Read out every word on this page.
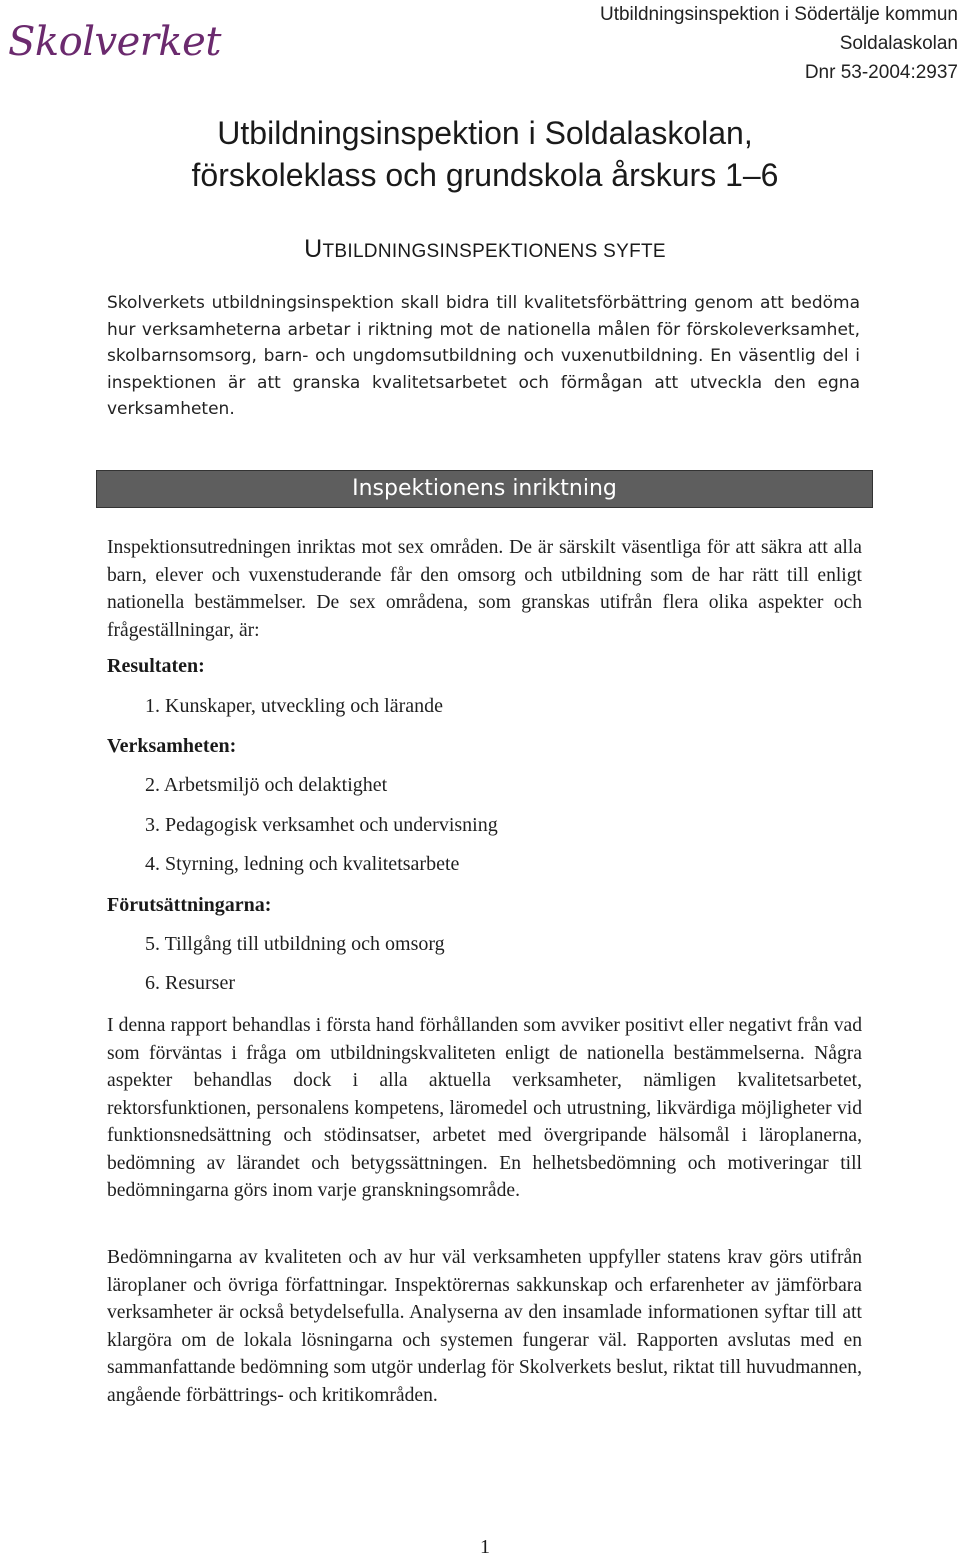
Skolverket
Utbildningsinspektion i Södertälje kommun
Soldalaskolan
Dnr 53-2004:2937
Utbildningsinspektion i Soldalaskolan,
förskoleklass och grundskola årskurs 1–6
UTBILDNINGSINSPEKTIONENS SYFTE
Skolverkets utbildningsinspektion skall bidra till kvalitetsförbättring genom att bedöma hur verksamheterna arbetar i riktning mot de nationella målen för förskoleverksamhet, skolbarnsomsorg, barn- och ungdomsutbildning och vuxenutbildning. En väsentlig del i inspektionen är att granska kvalitetsarbetet och förmågan att utveckla den egna verksamheten.
Inspektionens inriktning
Inspektionsutredningen inriktas mot sex områden. De är särskilt väsentliga för att säkra att alla barn, elever och vuxenstuderande får den omsorg och utbildning som de har rätt till enligt nationella bestämmelser. De sex områdena, som granskas utifrån flera olika aspekter och frågeställningar, är:
Resultaten:
1. Kunskaper, utveckling och lärande
Verksamheten:
2. Arbetsmiljö och delaktighet
3. Pedagogisk verksamhet och undervisning
4. Styrning, ledning och kvalitetsarbete
Förutsättningarna:
5. Tillgång till utbildning och omsorg
6. Resurser
I denna rapport behandlas i första hand förhållanden som avviker positivt eller negativt från vad som förväntas i fråga om utbildningskvaliteten enligt de nationella bestämmelserna. Några aspekter behandlas dock i alla aktuella verksamheter, nämligen kvalitetsarbetet, rektorsfunktionen, personalens kompetens, läromedel och utrustning, likvärdiga möjligheter vid funktionsnedsättning och stödinsatser, arbetet med övergripande hälsomål i läroplanerna, bedömning av lärandet och betygssättningen. En helhetsbedömning och motiveringar till bedömningarna görs inom varje granskningsområde.
Bedömningarna av kvaliteten och av hur väl verksamheten uppfyller statens krav görs utifrån läroplaner och övriga författningar. Inspektörernas sakkunskap och erfarenheter av jämförbara verksamheter är också betydelsefulla. Analyserna av den insamlade informationen syftar till att klargöra om de lokala lösningarna och systemen fungerar väl. Rapporten avslutas med en sammanfattande bedömning som utgör underlag för Skolverkets beslut, riktat till huvudmannen, angående förbättrings- och kritikområden.
1
